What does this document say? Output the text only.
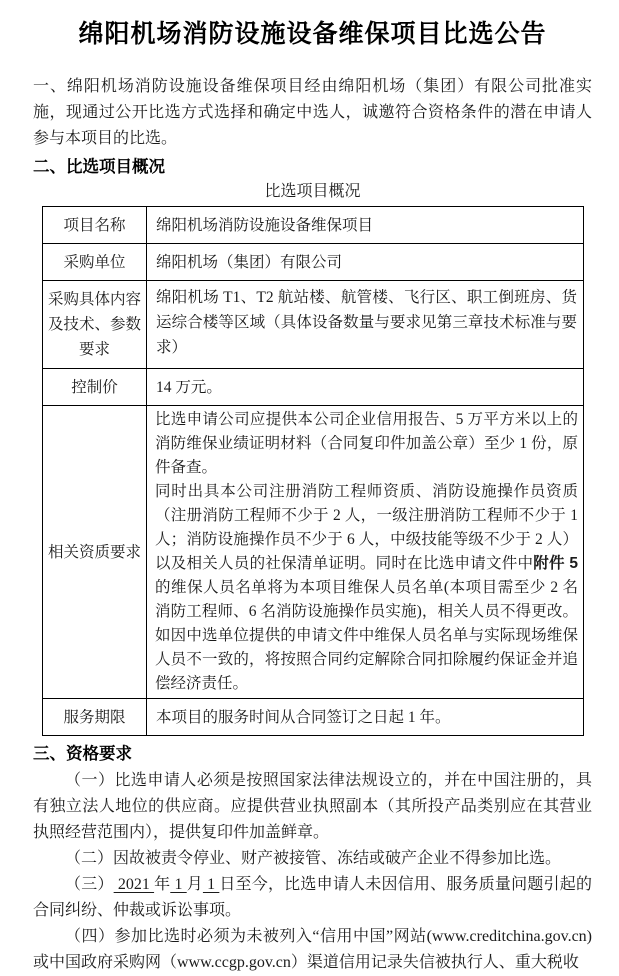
绵阳机场消防设施设备维保项目比选公告

一、绵阳机场消防设施设备维保项目经由绵阳机场（集团）有限公司批准实施，现通过公开比选方式选择和确定中选人，诚邀符合资格条件的潜在申请人参与本项目的比选。

二、比选项目概况
比选项目概况
项目名称	绵阳机场消防设施设备维保项目
采购单位	绵阳机场（集团）有限公司
采购具体内容及技术、参数要求	绵阳机场 T1、T2 航站楼、航管楼、飞行区、职工倒班房、货运综合楼等区域（具体设备数量与要求见第三章技术标准与要求）
控制价	14 万元。
相关资质要求	比选申请公司应提供本公司企业信用报告、5 万平方米以上的消防维保业绩证明材料（合同复印件加盖公章）至少 1 份，原件备查。

同时出具本公司注册消防工程师资质、消防设施操作员资质（注册消防工程师不少于 2 人，一级注册消防工程师不少于 1 人；消防设施操作员不少于 6 人，中级技能等级不少于 2 人）以及相关人员的社保清单证明。同时在比选申请文件中附件 5 的维保人员名单将为本项目维保人员名单(本项目需至少 2 名消防工程师、6 名消防设施操作员实施)，相关人员不得更改。如因中选单位提供的申请文件中维保人员名单与实际现场维保人员不一致的，将按照合同约定解除合同扣除履约保证金并追偿经济责任。

服务期限	本项目的服务时间从合同签订之日起 1 年。
三、资格要求

（一）比选申请人必须是按照国家法律法规设立的，并在中国注册的，具有独立法人地位的供应商。应提供营业执照副本（其所投产品类别应在其营业执照经营范围内），提供复印件加盖鲜章。

（二）因故被责令停业、财产被接管、冻结或破产企业不得参加比选。

（三） 2021 年 1 月 1 日至今，比选申请人未因信用、服务质量问题引起的合同纠纷、仲裁或诉讼事项。

（四）参加比选时必须为未被列入“信用中国”网站(www.creditchina.gov.cn)或中国政府采购网（www.ccgp.gov.cn）渠道信用记录失信被执行人、重大税收
